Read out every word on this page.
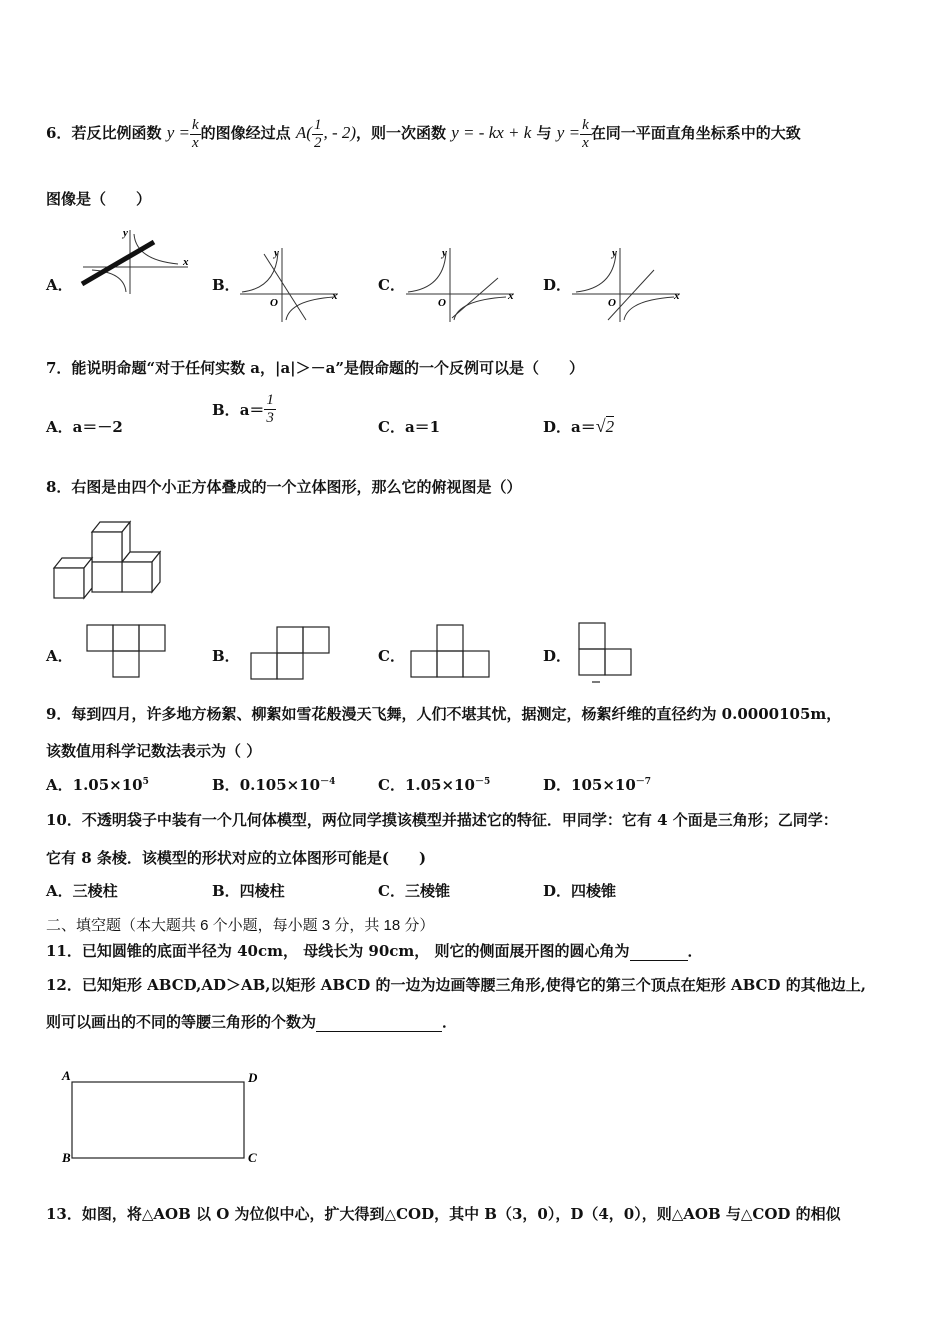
6．若反比例函数 $y = \frac{k}{x}$ 的图像经过点 $A( \frac{1}{2}$ , - 2)，则一次函数 y = - kx + k 与 $y = \frac{k}{x}$ 在同一平面直角坐标系中的大致
图像是（　　）
A．
x
y
B．
x
y
O
C．
x
y
O
D．
x
y
O
7．能说明命题“对于任何实数 a，|a|＞－a”是假命题的一个反例可以是（　　）
A．a＝－2
B．$a= \frac{1}{3}$	C．a＝1	D．a＝√2
8．右图是由四个小正方体叠成的一个立体图形，那么它的俯视图是（）
A．	B．	C．	D．
9．每到四月，许多地方杨絮、柳絮如雪花般漫天飞舞，人们不堪其忧，据测定，杨絮纤维的直径约为 0.0000105m，
该数值用科学记数法表示为（ ）
A．$1.05\times 10^5$	B．$0.105\times 10^{-4}$	C．$1.05\times 10^{-5}$	D．$105\times 10^{-7}$
10．不透明袋子中装有一个几何体模型，两位同学摸该模型并描述它的特征．甲同学：它有 4 个面是三角形；乙同学：
它有 8 条棱．该模型的形状对应的立体图形可能是(　　)
A．三棱柱	B．四棱柱	C．三棱锥	D．四棱锥
二、填空题（本大题共 6 个小题，每小题 3 分，共 18 分）
11．已知圆锥的底面半径为 40cm， 母线长为 90cm， 则它的侧面展开图的圆心角为	．
12．已知矩形 ABCD,AD＞AB,以矩形 ABCD 的一边为边画等腰三角形,使得它的第三个顶点在矩形 ABCD 的其他边上,
则可以画出的不同的等腰三角形的个数为	．
A	D
B	C
13．如图，将△AOB 以 O 为位似中心，扩大得到△COD，其中 B（3，0），D（4，0），则△AOB 与△COD 的相似
